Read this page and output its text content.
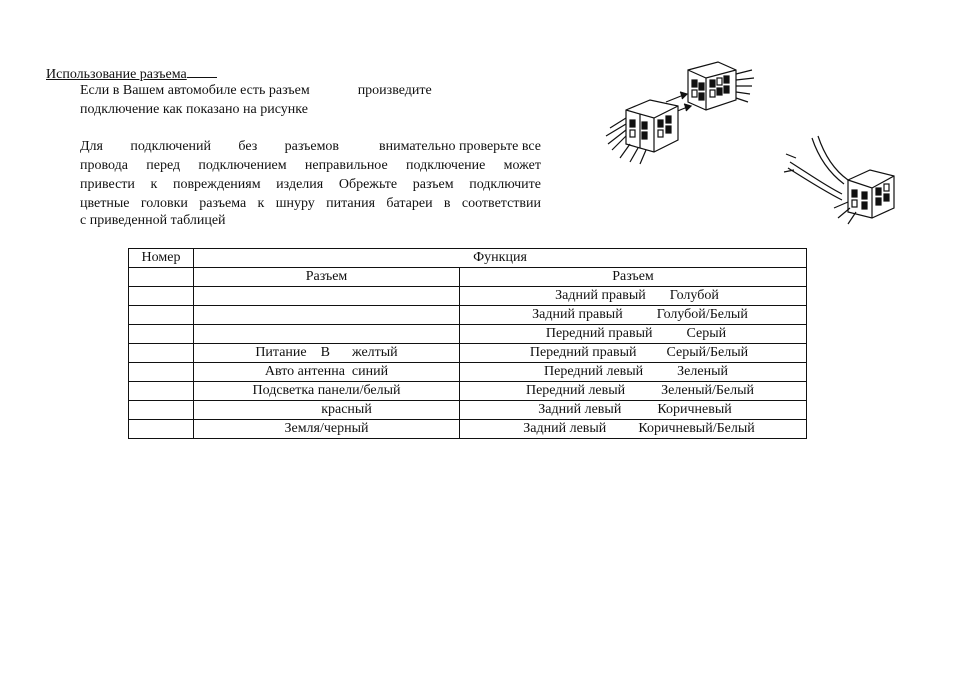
Использование разъема
Если в Вашем автомобиле есть разъем	произведите
подключение как показано на рисунке
Для подключений без разъемов	внимательно проверьте все
провода перед подключением неправильное подключение может
привести к повреждениям изделия Обрежьте разъем подключите
цветные головки разъема к шнуру питания батареи в соответствии
с приведенной таблицей
Номер	Функция	
	Разъем	Разъем
		Задний правый Голубой
		Задний правый Голубой/Белый
		Передний правый Серый
	Питание    В желтый	Передний правый Серый/Белый
	Авто антенна  синий	Передний левый Зеленый
	Подсветка панели/белый	Передний левый Зеленый/Белый
	красный	Задний левый Коричневый
	Земля/черный	Задний левый Коричневый/Белый
